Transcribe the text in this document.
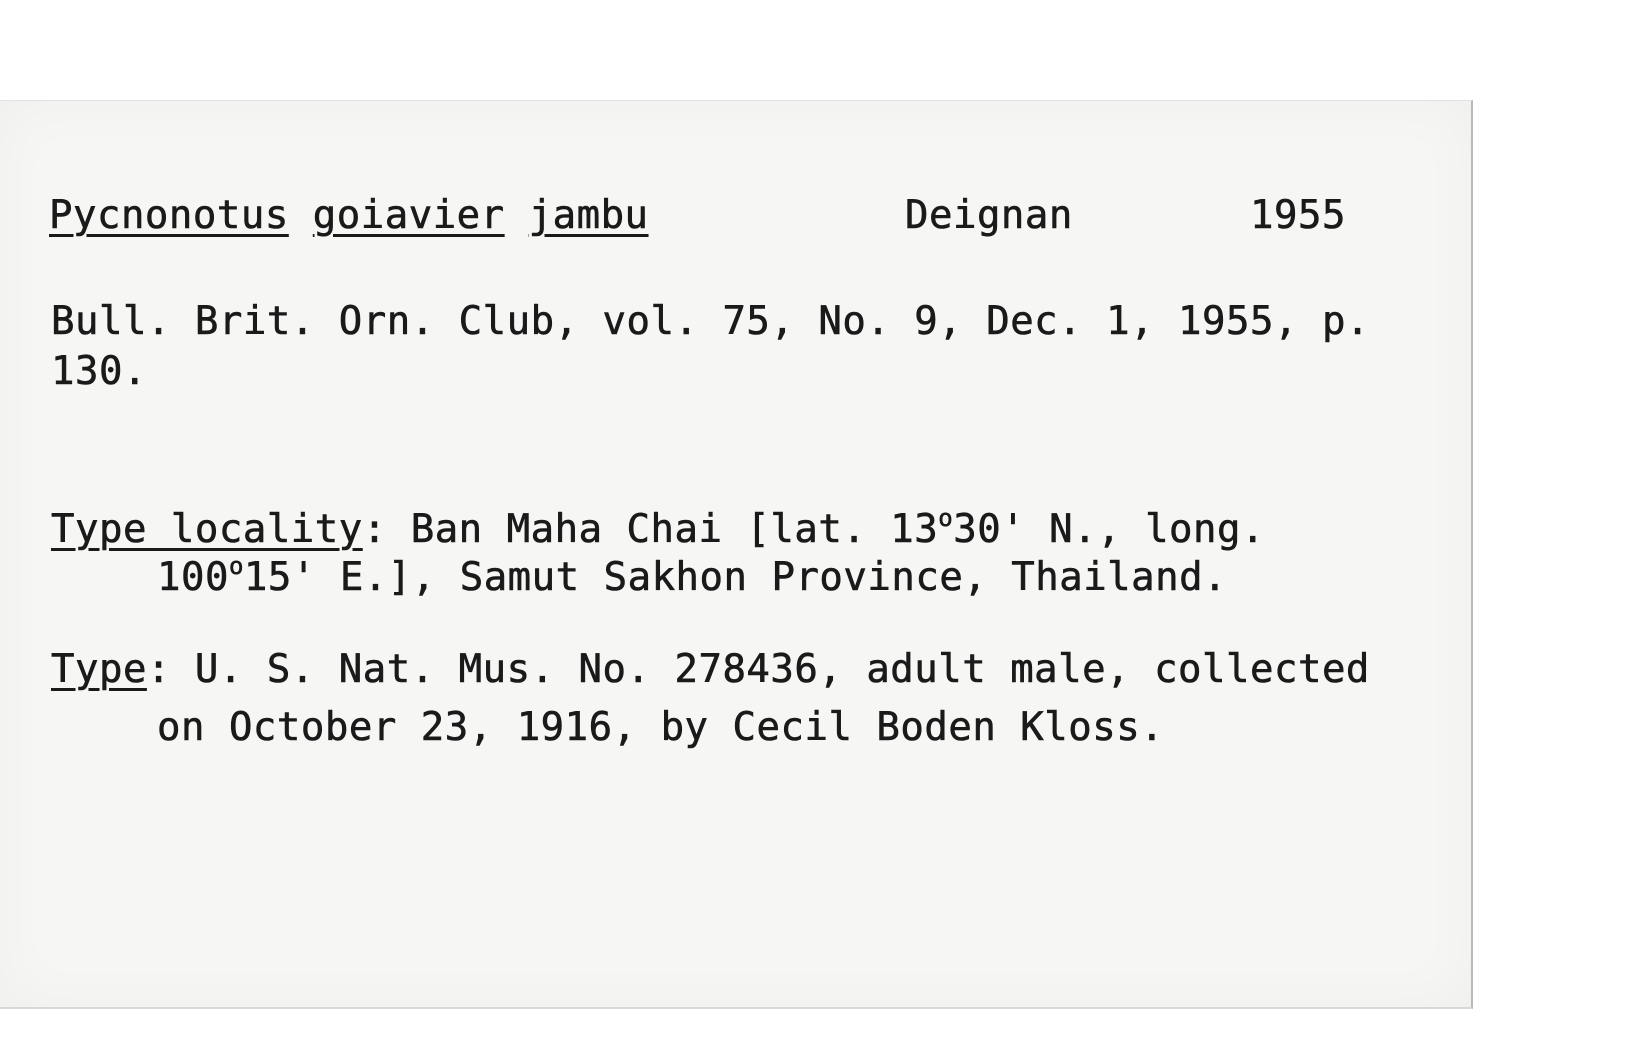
Pycnonotus goiavier jambu	Deignan	1955
Bull. Brit. Orn. Club, vol. 75, No. 9, Dec. 1, 1955, p.
130.
Type locality: Ban Maha Chai [lat. 13$^o$30' N., long.
100$^o$15' E.], Samut Sakhon Province, Thailand.
Type: U. S. Nat. Mus. No. 278436, adult male, collected
on October 23, 1916, by Cecil Boden Kloss.
